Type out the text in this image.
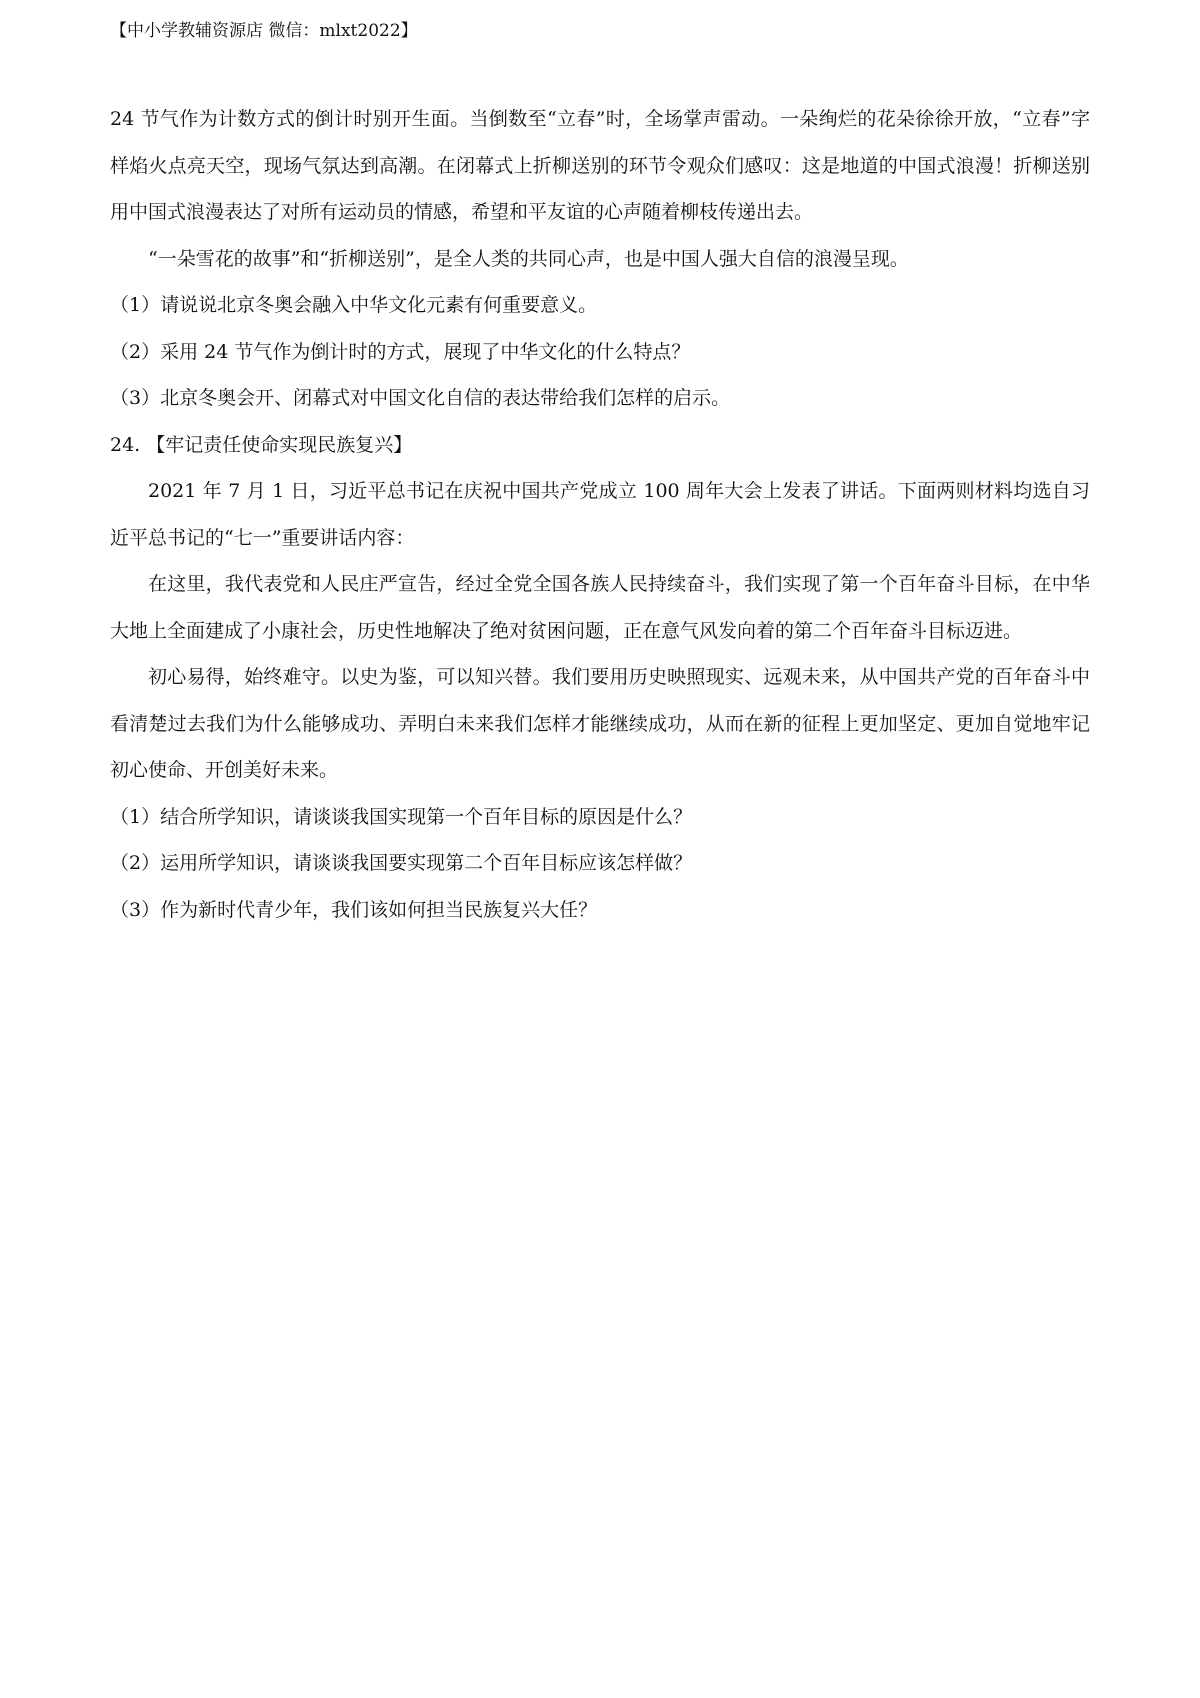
【中小学教辅资源店 微信：mlxt2022】

24 节气作为计数方式的倒计时别开生面。当倒数至“立春”时，全场掌声雷动。一朵绚烂的花朵徐徐开放，“立春”字样焰火点亮天空，现场气氛达到高潮。在闭幕式上折柳送别的环节令观众们感叹：这是地道的中国式浪漫！折柳送别用中国式浪漫表达了对所有运动员的情感，希望和平友谊的心声随着柳枝传递出去。

“一朵雪花的故事”和“折柳送别”，是全人类的共同心声，也是中国人强大自信的浪漫呈现。

（1）请说说北京冬奥会融入中华文化元素有何重要意义。

（2）采用 24 节气作为倒计时的方式，展现了中华文化的什么特点？

（3）北京冬奥会开、闭幕式对中国文化自信的表达带给我们怎样的启示。

24. 【牢记责任使命实现民族复兴】

2021 年 7 月 1 日，习近平总书记在庆祝中国共产党成立 100 周年大会上发表了讲话。下面两则材料均选自习近平总书记的“七一”重要讲话内容：

在这里，我代表党和人民庄严宣告，经过全党全国各族人民持续奋斗，我们实现了第一个百年奋斗目标，在中华大地上全面建成了小康社会，历史性地解决了绝对贫困问题，正在意气风发向着的第二个百年奋斗目标迈进。

初心易得，始终难守。以史为鉴，可以知兴替。我们要用历史映照现实、远观未来，从中国共产党的百年奋斗中看清楚过去我们为什么能够成功、弄明白未来我们怎样才能继续成功，从而在新的征程上更加坚定、更加自觉地牢记初心使命、开创美好未来。

（1）结合所学知识，请谈谈我国实现第一个百年目标的原因是什么？

（2）运用所学知识，请谈谈我国要实现第二个百年目标应该怎样做？

（3）作为新时代青少年，我们该如何担当民族复兴大任？
